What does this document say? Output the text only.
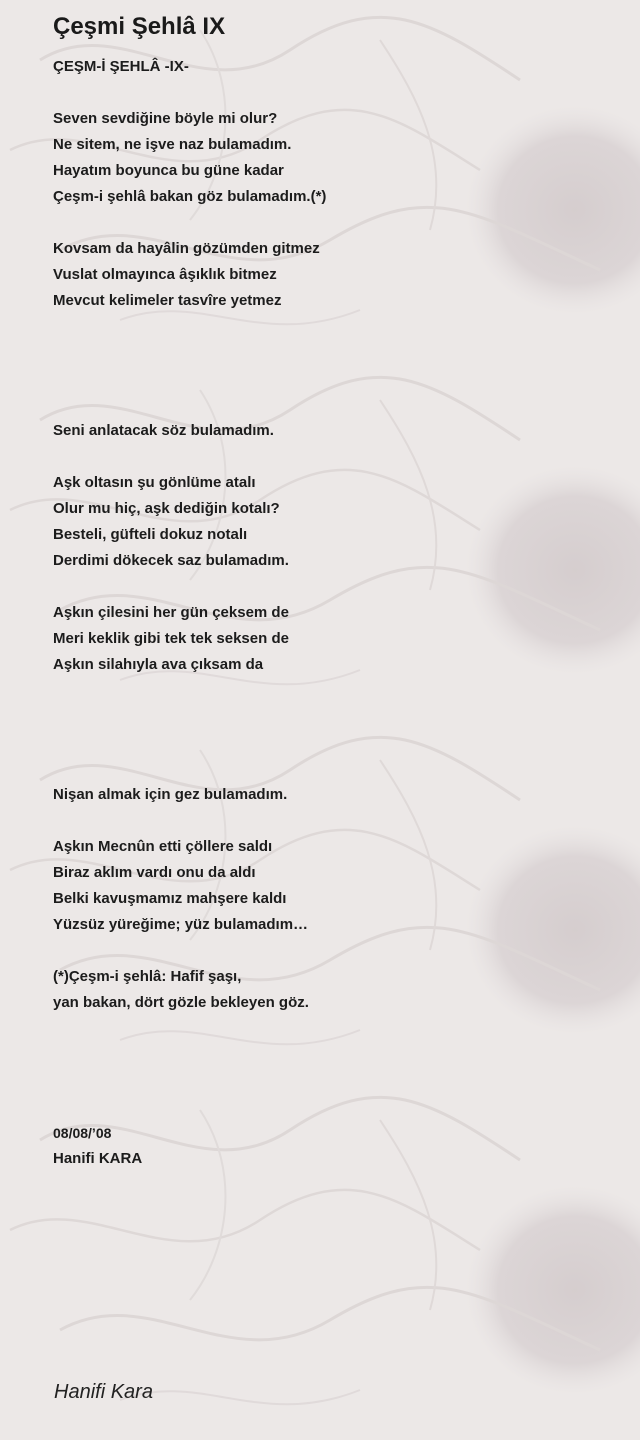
Çeşmi Şehlâ IX
ÇEŞM-İ ŞEHLÂ -IX-
Seven sevdiğine böyle mi olur?
Ne sitem, ne işve naz bulamadım.
Hayatım boyunca bu güne kadar
Çeşm-i şehlâ bakan göz bulamadım.(*)
Kovsam da hayâlin gözümden gitmez
Vuslat olmayınca âşıklık bitmez
Mevcut kelimeler tasvîre yetmez
Seni anlatacak söz bulamadım.
Aşk oltasın şu gönlüme atalı
Olur mu hiç, aşk dediğin kotalı?
Besteli, güfteli dokuz notalı
Derdimi dökecek saz bulamadım.
Aşkın çilesini her gün çeksem de
Meri keklik gibi tek tek seksen de
Aşkın silahıyla ava çıksam da
Nişan almak için gez bulamadım.
Aşkın Mecnûn etti çöllere saldı
Biraz aklım vardı onu da aldı
Belki kavuşmamız mahşere kaldı
Yüzsüz yüreğime; yüz bulamadım…
(*)Çeşm-i şehlâ: Hafif şaşı,
yan bakan, dört gözle bekleyen göz.
08/08/’08
Hanifi KARA
Hanifi Kara
